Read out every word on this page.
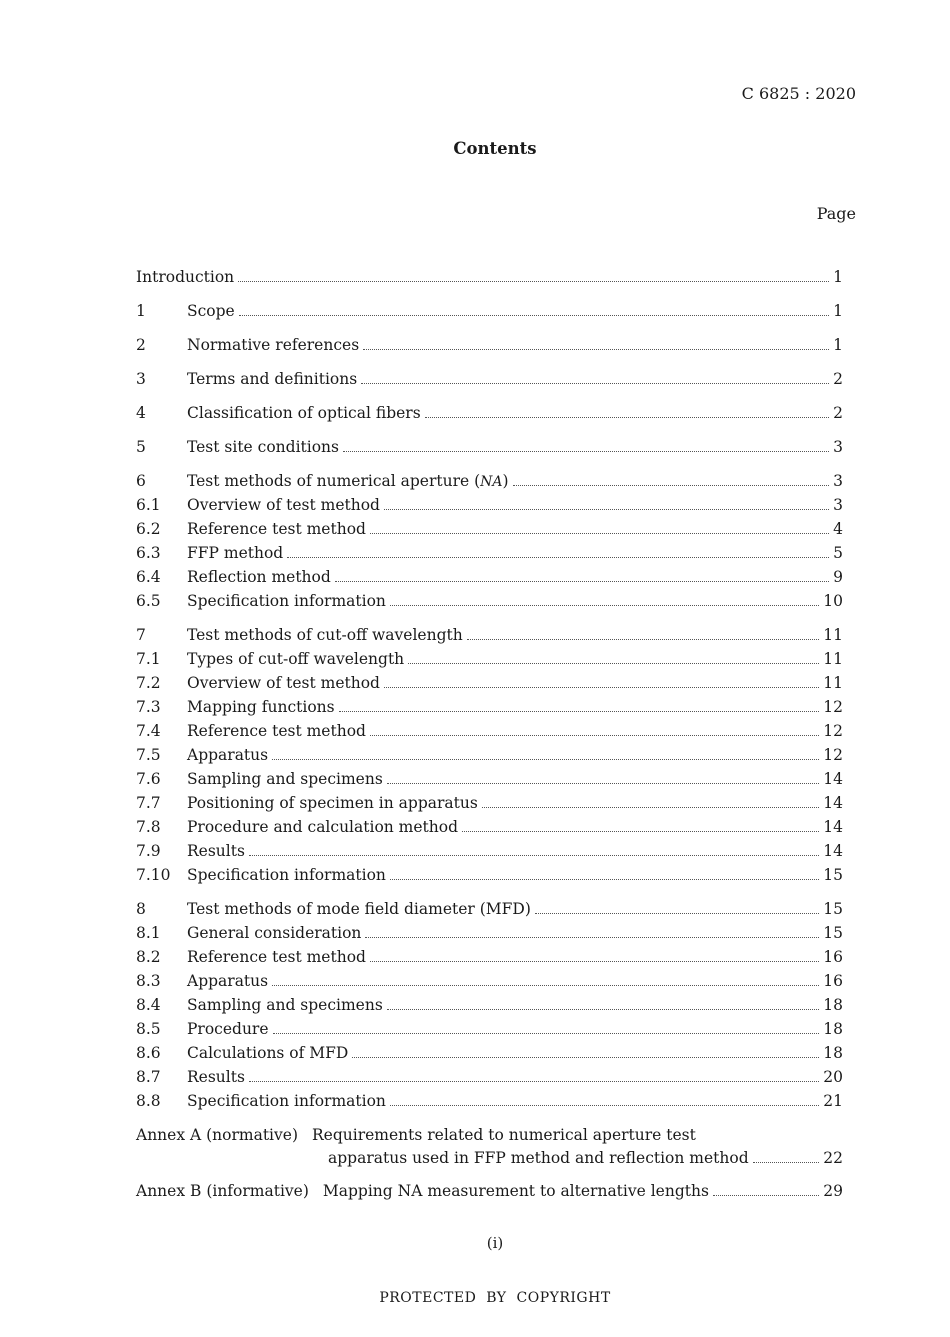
C 6825 : 2020
Contents
Page
Introduction	1
1	Scope	1
2	Normative references	1
3	Terms and definitions	2
4	Classification of optical fibers	2
5	Test site conditions	3
6	Test methods of numerical aperture (NA)	3
6.1	Overview of test method	3
6.2	Reference test method	4
6.3	FFP method	5
6.4	Reflection method	9
6.5	Specification information	10
7	Test methods of cut-off wavelength	11
7.1	Types of cut-off wavelength	11
7.2	Overview of test method	11
7.3	Mapping functions	12
7.4	Reference test method	12
7.5	Apparatus	12
7.6	Sampling and specimens	14
7.7	Positioning of specimen in apparatus	14
7.8	Procedure and calculation method	14
7.9	Results	14
7.10	Specification information	15
8	Test methods of mode field diameter (MFD)	15
8.1	General consideration	15
8.2	Reference test method	16
8.3	Apparatus	16
8.4	Sampling and specimens	18
8.5	Procedure	18
8.6	Calculations of MFD	18
8.7	Results	20
8.8	Specification information	21
Annex A (normative) Requirements related to numerical aperture test
apparatus used in FFP method and reflection method	22
Annex B (informative) Mapping NA measurement to alternative lengths	29
(i)
PROTECTED BY COPYRIGHT
